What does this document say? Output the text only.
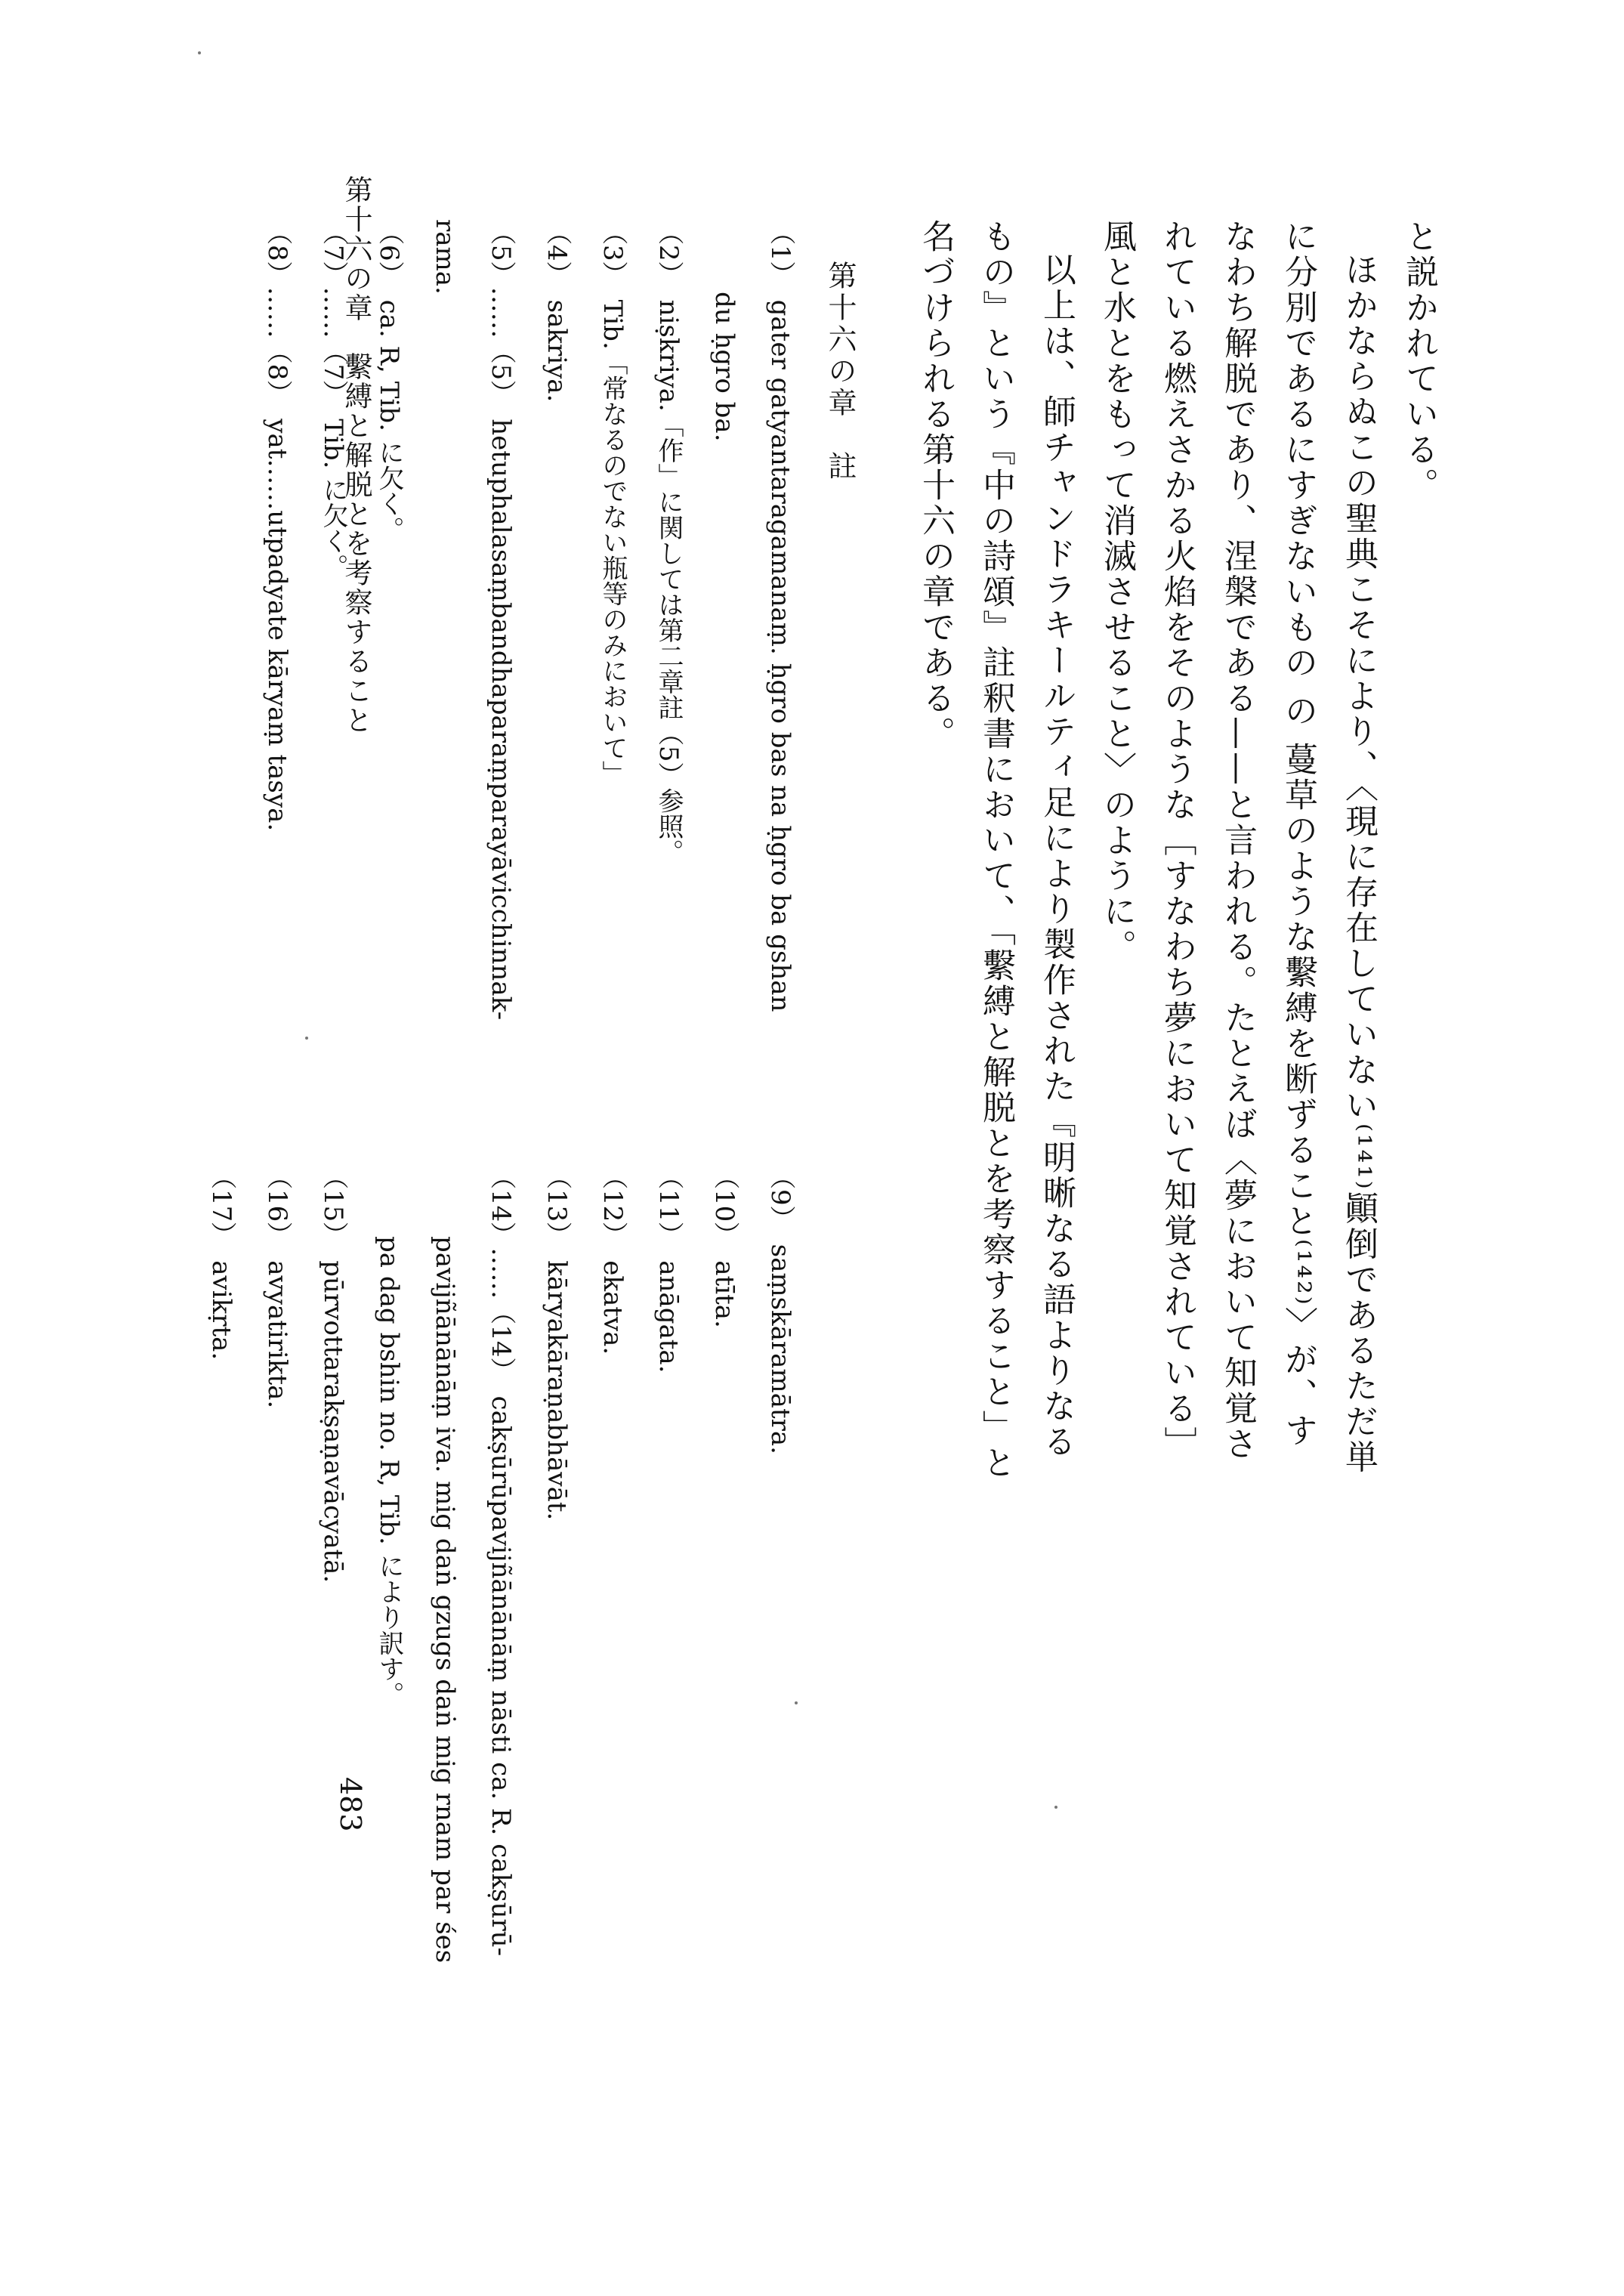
第十六の章　繫縛と解脱とを考察すること	と説かれている。

ほかならぬこの聖典こそにより、〈現に存在していない⁽¹⁴¹⁾顚倒であるただ単に分別であるにすぎないもの の 蔓草のような繫縛を断ずること⁽¹⁴²⁾〉が、すなわち解脱であり、涅槃である——と言われる。たとえば〈夢において知覚されている燃えさかる火焰をそのような［すなわち夢において知覚されている］風と水とをもって消滅させること〉のように。

以上は、師チャンドラキールティ足により製作された『明晰なる語よりなるもの』という『中の詩頌』註釈書において、「繫縛と解脱とを考察すること」と名づけられる第十六の章である。

第十六の章　註

（1）　gater gatyantaragamanaṃ. ḥgro bas na ḥgro ba gshan

du ḥgro ba.

（2）　niṣkriya.「作」に関しては第二章註（5）参照。

（3）　Tib.「常なるのでない瓶等のみにおいて」

（4）　sakriya.

（5）……（5）　hetuphalasaṃbandhaparaṃparayāvicchinnak-

rama.

（6）　ca. R, Tib. に欠く。

（7）……（7）　Tib. に欠く。

（8）……（8）　yat……utpadyate kāryaṃ tasya.

（9）　saṃskāramātra.

（10）　atīta.

（11）　anāgata.

（12）　ekatva.

（13）　kāryakāraṇabhāvāt.

（14）……（14）　cakṣūrūpavijñānānāṃ nāsti ca. R. cakṣūrū-

pavijñānānāṃ iva. mig daṅ gzugs daṅ mig rnam par śes

pa dag bshin no. R, Tib. により訳す。

（15）　pūrvottarakṣaṇavācyatā.

（16）　avyatirikta.

（17）　avikṛta.

483
